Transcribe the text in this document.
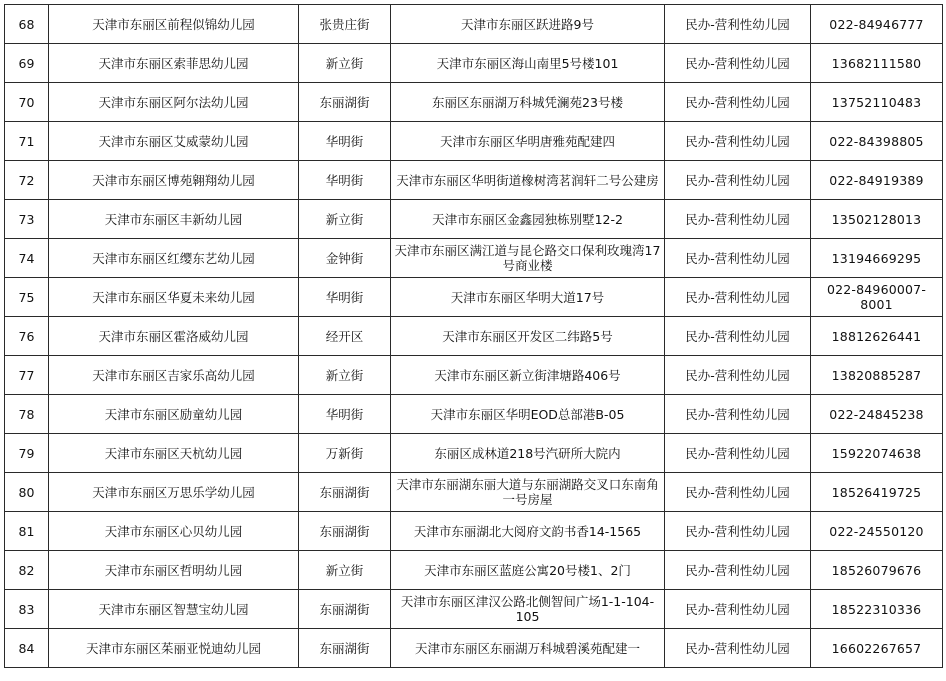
68	天津市东丽区前程似锦幼儿园	张贵庄街	天津市东丽区跃进路9号	民办-营利性幼儿园	022-84946777
69	天津市东丽区索菲思幼儿园	新立街	天津市东丽区海山南里5号楼101	民办-营利性幼儿园	13682111580
70	天津市东丽区阿尔法幼儿园	东丽湖街	东丽区东丽湖万科城凭澜苑23号楼	民办-营利性幼儿园	13752110483
71	天津市东丽区艾威蒙幼儿园	华明街	天津市东丽区华明唐雅苑配建四	民办-营利性幼儿园	022-84398805
72	天津市东丽区博苑翱翔幼儿园	华明街	天津市东丽区华明街道橡树湾茗润轩二号公建房	民办-营利性幼儿园	022-84919389
73	天津市东丽区丰新幼儿园	新立街	天津市东丽区金鑫园独栋别墅12-2	民办-营利性幼儿园	13502128013
74	天津市东丽区红缨东艺幼儿园	金钟街	天津市东丽区满江道与昆仑路交口保利玫瑰湾17号商业楼	民办-营利性幼儿园	13194669295
75	天津市东丽区华夏未来幼儿园	华明街	天津市东丽区华明大道17号	民办-营利性幼儿园	022-84960007-8001
76	天津市东丽区霍洛威幼儿园	经开区	天津市东丽区开发区二纬路5号	民办-营利性幼儿园	18812626441
77	天津市东丽区吉家乐高幼儿园	新立街	天津市东丽区新立街津塘路406号	民办-营利性幼儿园	13820885287
78	天津市东丽区励童幼儿园	华明街	天津市东丽区华明EOD总部港B-05	民办-营利性幼儿园	022-24845238
79	天津市东丽区天杭幼儿园	万新街	东丽区成林道218号汽研所大院内	民办-营利性幼儿园	15922074638
80	天津市东丽区万思乐学幼儿园	东丽湖街	天津市东丽湖东丽大道与东丽湖路交叉口东南角一号房屋	民办-营利性幼儿园	18526419725
81	天津市东丽区心贝幼儿园	东丽湖街	天津市东丽湖北大阅府文韵书香14-1565	民办-营利性幼儿园	022-24550120
82	天津市东丽区哲明幼儿园	新立街	天津市东丽区蓝庭公寓20号楼1、2门	民办-营利性幼儿园	18526079676
83	天津市东丽区智慧宝幼儿园	东丽湖街	天津市东丽区津汉公路北侧智间广场1-1-104-105	民办-营利性幼儿园	18522310336
84	天津市东丽区茱丽亚悦迪幼儿园	东丽湖街	天津市东丽区东丽湖万科城碧溪苑配建一	民办-营利性幼儿园	16602267657
